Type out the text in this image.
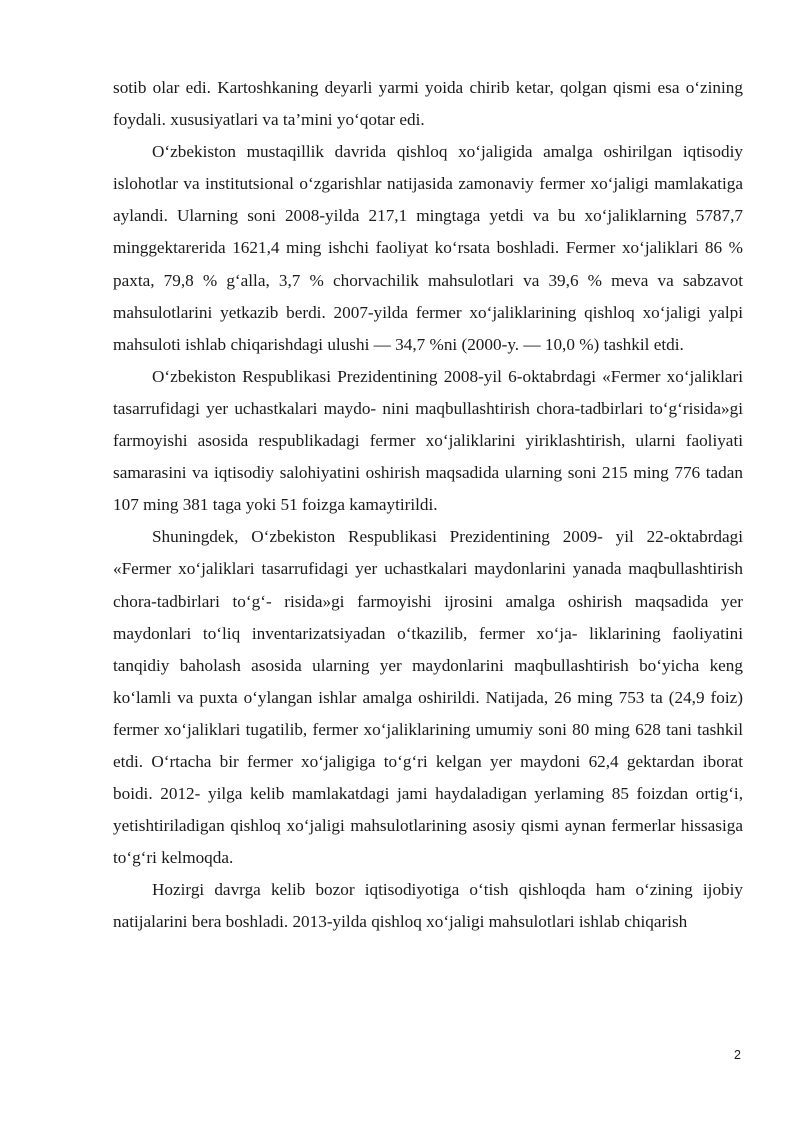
sotib olar edi. Kartoshkaning deyarli yarmi yoida chirib ketar, qolgan qismi esa o‘zining foydali. xususiyatlari va ta’mini yo‘qotar edi.

O‘zbekiston mustaqillik davrida qishloq xo‘jaligida amalga oshirilgan iqtisodiy islohotlar va institutsional o‘zgarishlar natijasida zamonaviy fermer xo‘jaligi mamlakatiga aylandi. Ularning soni 2008-yilda 217,1 mingtaga yetdi va bu xo‘jaliklarning 5787,7 minggektarerida 1621,4 ming ishchi faoliyat ko‘rsata boshladi. Fermer xo‘jaliklari 86 % paxta, 79,8 % g‘alla, 3,7 % chorvachilik mahsulotlari va 39,6 % meva va sabzavot mahsulotlarini yetkazib berdi. 2007-yilda fermer xo‘jaliklarining qishloq xo‘jaligi yalpi mahsuloti ishlab chiqarishdagi ulushi — 34,7 %ni (2000-y. — 10,0 %) tashkil etdi.

O‘zbekiston Respublikasi Prezidentining 2008-yil 6-oktabrdagi «Fermer xo‘jaliklari tasarrufidagi yer uchastkalari maydo- nini maqbullashtirish chora-tadbirlari to‘g‘risida»gi farmoyishi asosida respublikadagi fermer xo‘jaliklarini yiriklashtirish, ularni faoliyati samarasini va iqtisodiy salohiyatini oshirish maqsadida ularning soni 215 ming 776 tadan 107 ming 381 taga yoki 51 foizga kamaytirildi.

Shuningdek, O‘zbekiston Respublikasi Prezidentining 2009- yil 22-oktabrdagi «Fermer xo‘jaliklari tasarrufidagi yer uchastkalari maydonlarini yanada maqbullashtirish chora-tadbirlari to‘g‘- risida»gi farmoyishi ijrosini amalga oshirish maqsadida yer maydonlari to‘liq inventarizatsiyadan o‘tkazilib, fermer xo‘ja- liklarining faoliyatini tanqidiy baholash asosida ularning yer maydonlarini maqbullashtirish bo‘yicha keng ko‘lamli va puxta o‘ylangan ishlar amalga oshirildi. Natijada, 26 ming 753 ta (24,9 foiz) fermer xo‘jaliklari tugatilib, fermer xo‘jaliklarining umumiy soni 80 ming 628 tani tashkil etdi. O‘rtacha bir fermer xo‘jaligiga to‘g‘ri kelgan yer maydoni 62,4 gektardan iborat boidi. 2012- yilga kelib mamlakatdagi jami haydaladigan yerlaming 85 foizdan ortig‘i, yetishtiriladigan qishloq xo‘jaligi mahsulotlarining asosiy qismi aynan fermerlar hissasiga to‘g‘ri kelmoqda.

Hozirgi davrga kelib bozor iqtisodiyotiga o‘tish qishloqda ham o‘zining ijobiy natijalarini bera boshladi. 2013-yilda qishloq xo‘jaligi mahsulotlari ishlab chiqarish

2
